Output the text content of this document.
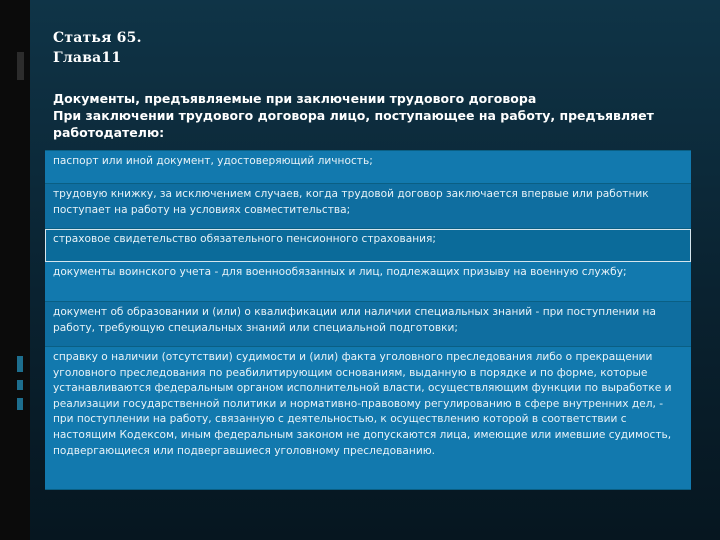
Статья 65.
Глава11
Документы, предъявляемые при заключении трудового договора
При заключении трудового договора лицо, поступающее на работу, предъявляет работодателю:
паспорт или иной документ, удостоверяющий личность;
трудовую книжку, за исключением случаев, когда трудовой договор заключается впервые или работник поступает на работу на условиях совместительства;
страховое свидетельство обязательного пенсионного страхования;
документы воинского учета - для военнообязанных и лиц, подлежащих призыву на военную службу;
документ об образовании и (или) о квалификации или наличии специальных знаний - при поступлении на работу, требующую специальных знаний или специальной подготовки;
справку о наличии (отсутствии) судимости и (или) факта уголовного преследования либо о прекращении уголовного преследования по реабилитирующим основаниям, выданную в порядке и по форме, которые устанавливаются федеральным органом исполнительной власти, осуществляющим функции по выработке и реализации государственной политики и нормативно-правовому регулированию в сфере внутренних дел, - при поступлении на работу, связанную с деятельностью, к осуществлению которой в соответствии с настоящим Кодексом, иным федеральным законом не допускаются лица, имеющие или имевшие судимость, подвергающиеся или подвергавшиеся уголовному преследованию.
